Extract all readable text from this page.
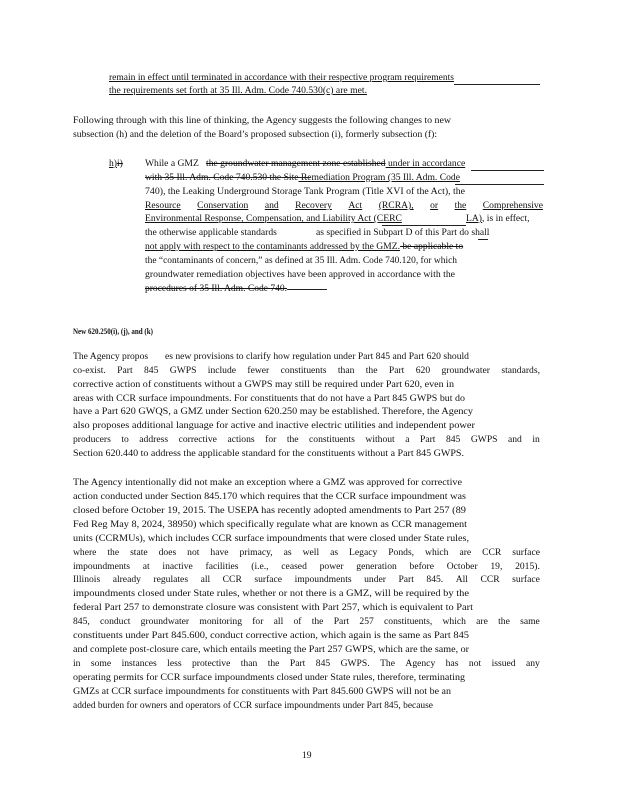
remain in effect until terminated in accordance with their respective program requirements
the requirements set forth at 35 Ill. Adm. Code 740.530(c) are met.
Following through with this line of thinking, the Agency suggests the following changes to new
subsection (h) and the deletion of the Board’s proposed subsection (i), formerly subsection (f):
h)i) While a GMZ the groundwater management zone established under in accordance
with 35 Ill. Adm. Code 740.530 the Site Remediation Program (35 Ill. Adm. Code
740), the Leaking Underground Storage Tank Program (Title XVI of the Act), the
Resource Conservation and Recovery Act (RCRA), or the Comprehensive
Environmental Response, Compensation, and Liability Act (CERC	LA), is in effect,
the otherwise applicable standards	as specified in Subpart D of this Part do shall
not apply with respect to the contaminants addressed by the GMZ. be applicable to
the “contaminants of concern,” as defined at 35 Ill. Adm. Code 740.120, for which
groundwater remediation objectives have been approved in accordance with the
procedures of 35 Ill. Adm. Code 740.
New 620.250(i), (j), and (k)
The Agency propos es new provisions to clarify how regulation under Part 845 and Part 620 should
co-exist. Part 845 GWPS include fewer constituents than the Part 620 groundwater standards,
corrective action of constituents without a GWPS may still be required under Part 620, even in
areas with CCR surface impoundments. For constituents that do not have a Part 845 GWPS but do
have a Part 620 GWQS, a GMZ under Section 620.250 may be established. Therefore, the Agency
also proposes additional language for active and inactive electric utilities and independent power
producers to address corrective actions for the constituents without a Part 845 GWPS and in
Section 620.440 to address the applicable standard for the constituents without a Part 845 GWPS.
The Agency intentionally did not make an exception where a GMZ was approved for corrective
action conducted under Section 845.170 which requires that the CCR surface impoundment was
closed before October 19, 2015. The USEPA has recently adopted amendments to Part 257 (89
Fed Reg May 8, 2024, 38950) which specifically regulate what are known as CCR management
units (CCRMUs), which includes CCR surface impoundments that were closed under State rules,
where the state does not have primacy, as well as Legacy Ponds, which are CCR surface
impoundments at inactive facilities (i.e., ceased power generation before October 19, 2015).
Illinois already regulates all CCR surface impoundments under Part 845. All CCR surface
impoundments closed under State rules, whether or not there is a GMZ, will be required by the
federal Part 257 to demonstrate closure was consistent with Part 257, which is equivalent to Part
845, conduct groundwater monitoring for all of the Part 257 constituents, which are the same
constituents under Part 845.600, conduct corrective action, which again is the same as Part 845
and complete post-closure care, which entails meeting the Part 257 GWPS, which are the same, or
in some instances less protective than the Part 845 GWPS. The Agency has not issued any
operating permits for CCR surface impoundments closed under State rules, therefore, terminating
GMZs at CCR surface impoundments for constituents with Part 845.600 GWPS will not be an
added burden for owners and operators of CCR surface impoundments under Part 845, because
19
